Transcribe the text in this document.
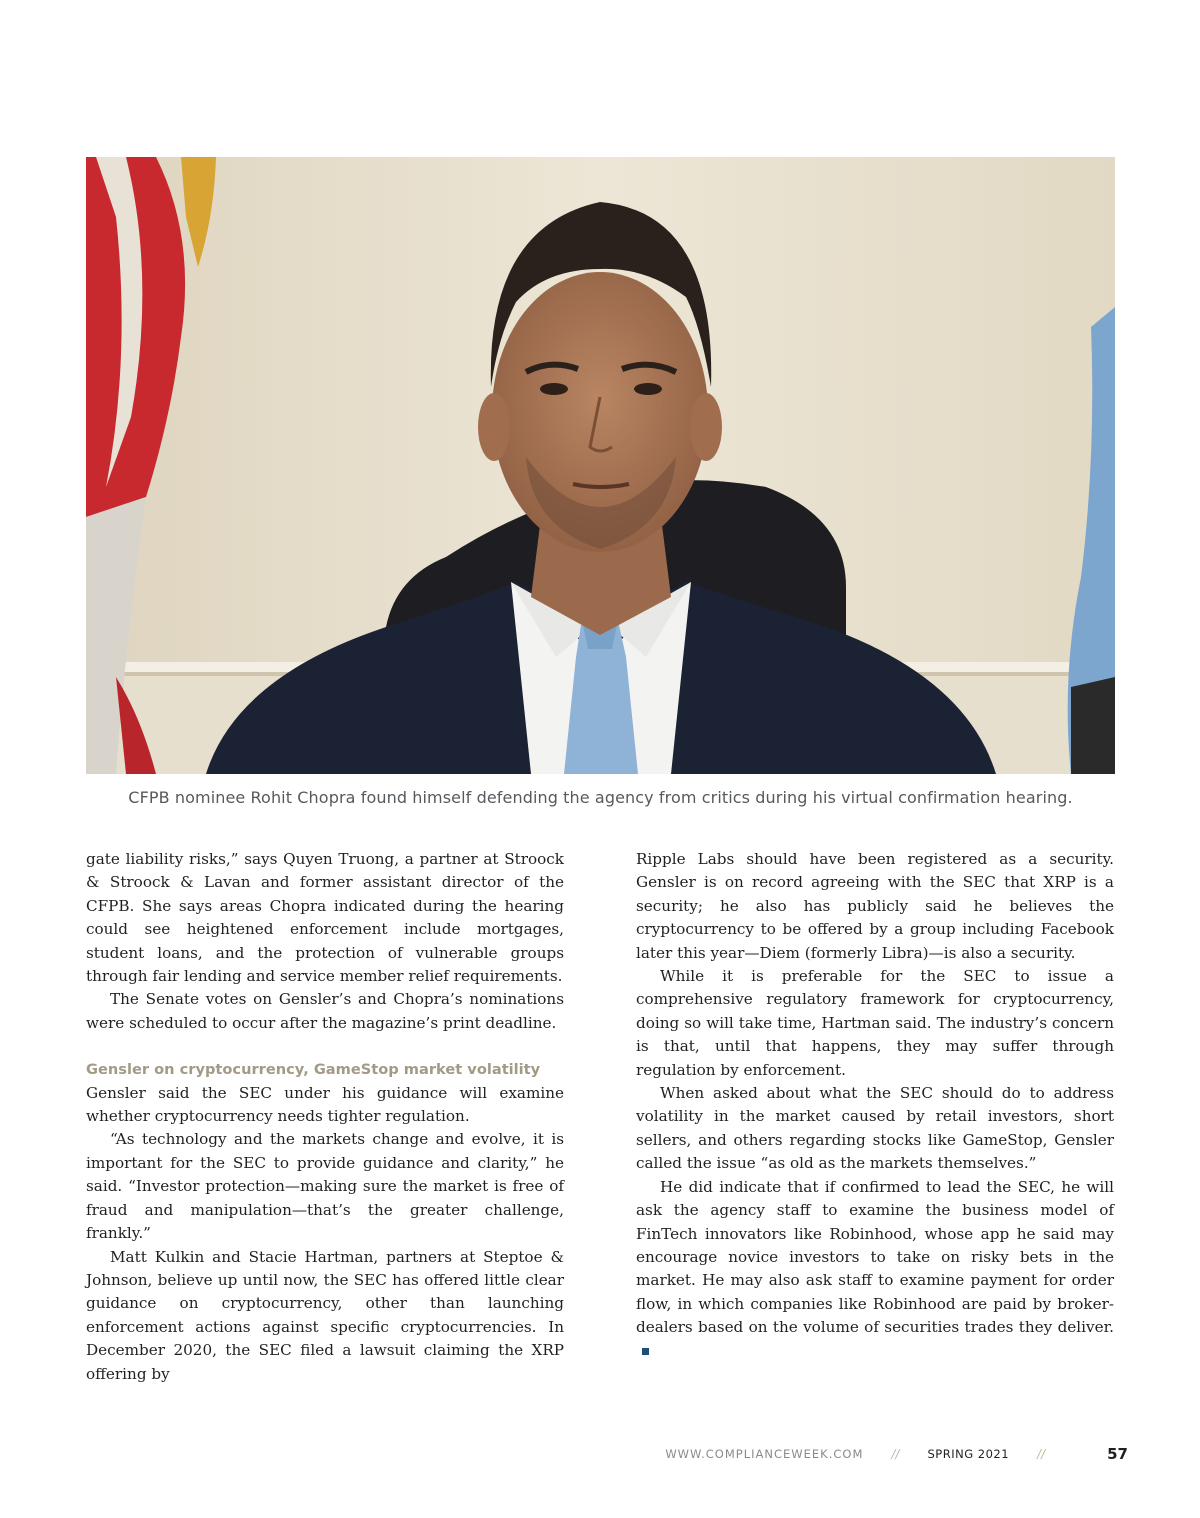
CFPB nominee Rohit Chopra found himself defending the agency from critics during his virtual confirmation hearing.

gate liability risks,” says Quyen Truong, a partner at Stroock & Stroock & Lavan and former assistant director of the CFPB. She says areas Chopra indicated during the hearing could see heightened enforcement include mortgages, student loans, and the protection of vulnerable groups through fair lending and service member relief requirements.

The Senate votes on Gensler’s and Chopra’s nominations were scheduled to occur after the magazine’s print deadline.

Gensler on cryptocurrency, GameStop market volatility

Gensler said the SEC under his guidance will examine whether cryptocurrency needs tighter regulation.

“As technology and the markets change and evolve, it is important for the SEC to provide guidance and clarity,” he said. “Investor protection—making sure the market is free of fraud and manipulation—that’s the greater challenge, frankly.”

Matt Kulkin and Stacie Hartman, partners at Steptoe & Johnson, believe up until now, the SEC has offered little clear guidance on cryptocurrency, other than launching enforcement actions against specific cryptocurrencies. In December 2020, the SEC filed a lawsuit claiming the XRP offering by

Ripple Labs should have been registered as a security. Gensler is on record agreeing with the SEC that XRP is a security; he also has publicly said he believes the cryptocurrency to be offered by a group including Facebook later this year—Diem (formerly Libra)—is also a security.

While it is preferable for the SEC to issue a comprehensive regulatory framework for cryptocurrency, doing so will take time, Hartman said. The industry’s concern is that, until that happens, they may suffer through regulation by enforcement.

When asked about what the SEC should do to address volatility in the market caused by retail investors, short sellers, and others regarding stocks like GameStop, Gensler called the issue “as old as the markets themselves.”

He did indicate that if confirmed to lead the SEC, he will ask the agency staff to examine the business model of FinTech innovators like Robinhood, whose app he said may encourage novice investors to take on risky bets in the market. He may also ask staff to examine payment for order flow, in which companies like Robinhood are paid by broker-dealers based on the volume of securities trades they deliver.

WWW.COMPLIANCEWEEK.COM // SPRING 2021 //	57
